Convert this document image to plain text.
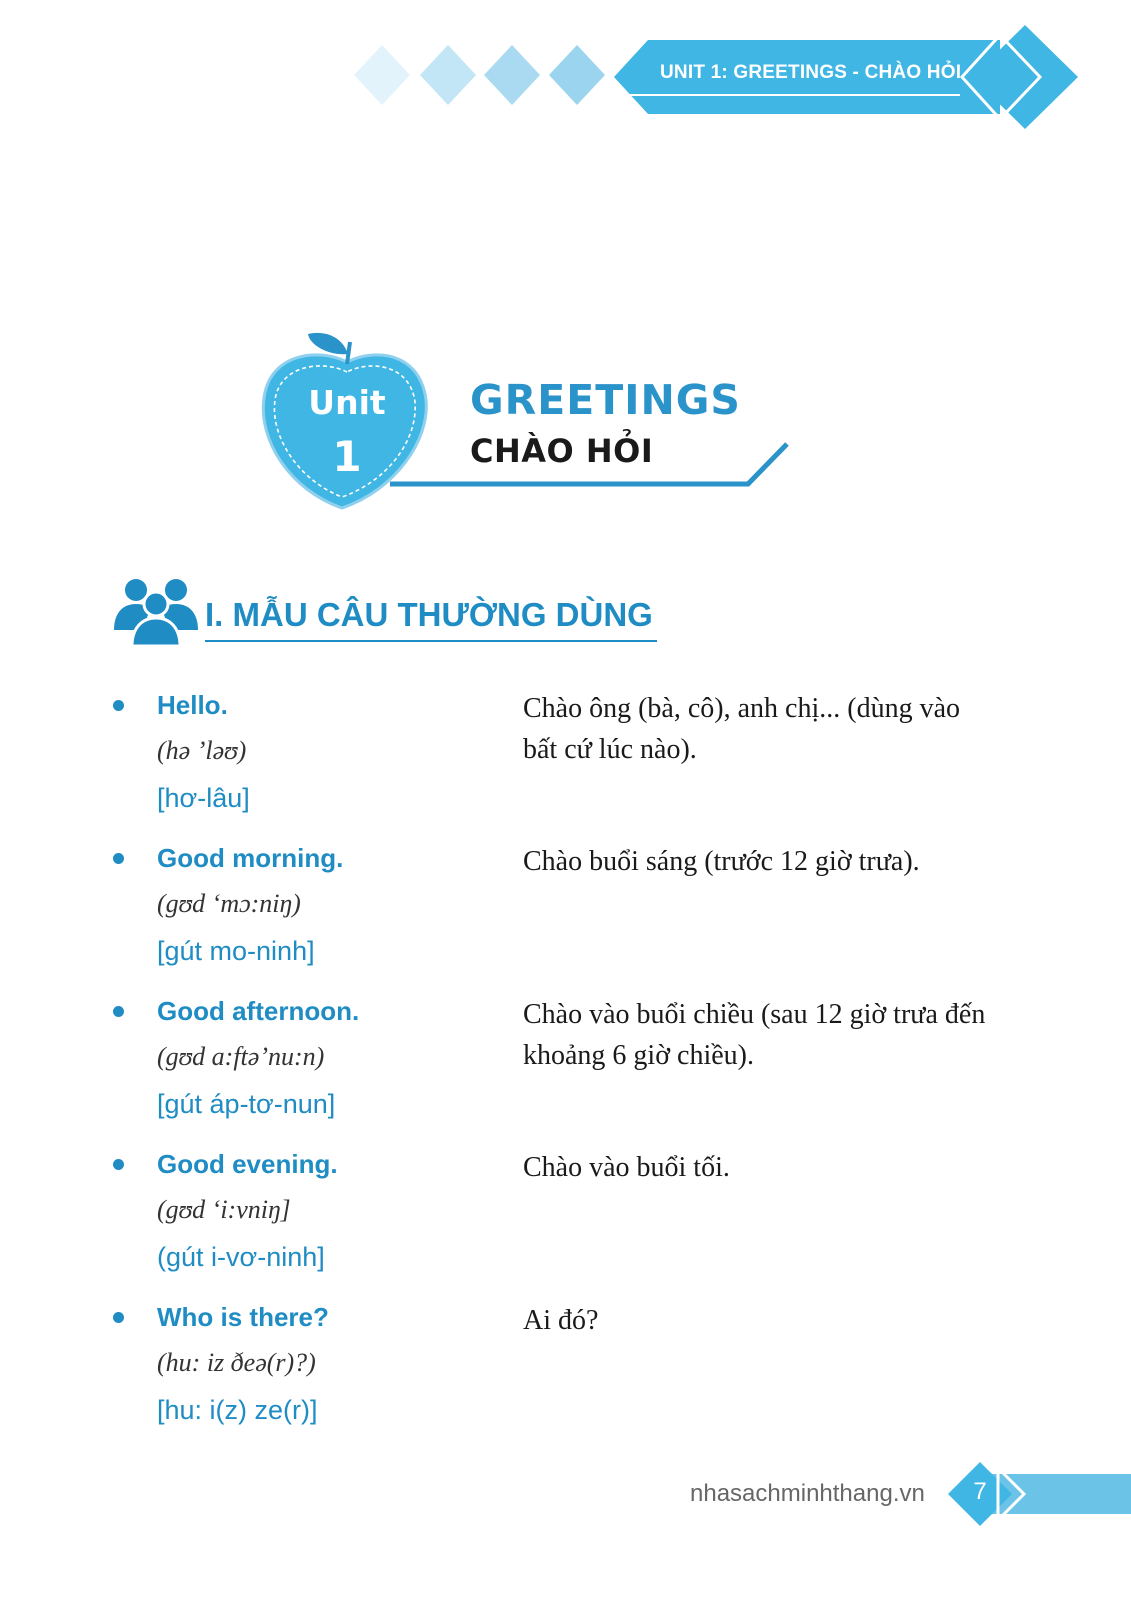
UNIT 1: GREETINGS - CHÀO HỎI
Unit
1
GREETINGS
CHÀO HỎI
I. MẪU CÂU THƯỜNG DÙNG
Hello.
(hə ’ləʊ)
[hơ-lâu]
Chào ông (bà, cô), anh chị... (dùng vào bất cứ lúc nào).
Good morning.
(gʊd ‘mɔ:niŋ)
[gút mo-ninh]
Chào buổi sáng (trước 12 giờ trưa).
Good afternoon.
(gʊd a:ftə’nu:n)
[gút áp-tơ-nun]
Chào vào buổi chiều (sau 12 giờ trưa đến khoảng 6 giờ chiều).
Good evening.
(gʊd ‘i:vniŋ]
(gút i-vơ-ninh]
Chào vào buổi tối.
Who is there?
(hu: iz ðeə(r)?)
[hu: i(z) ze(r)]
Ai đó?
nhasachminhthang.vn	7
